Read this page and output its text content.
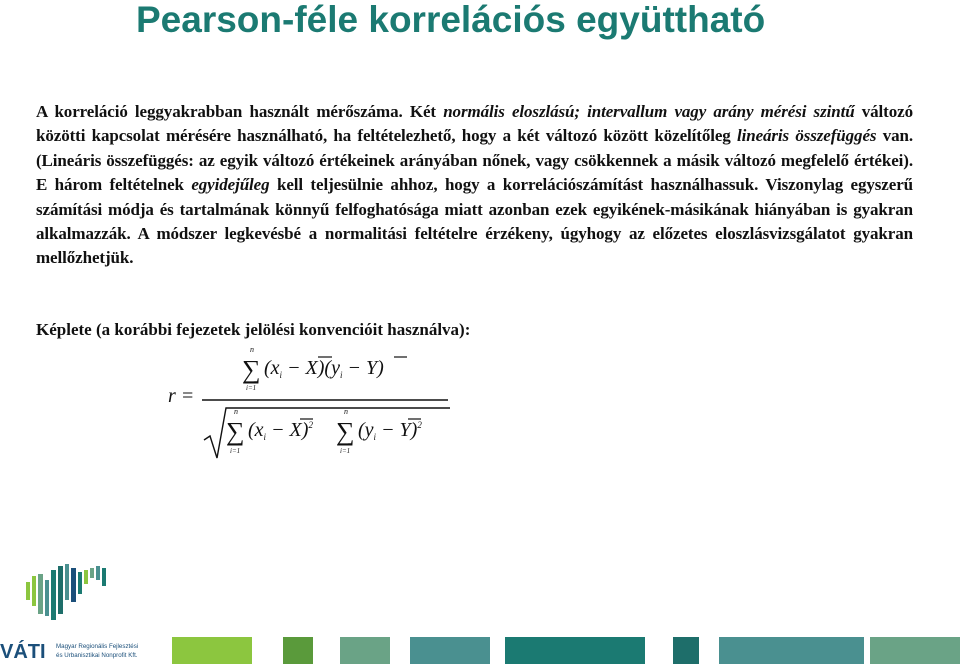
Pearson-féle korrelációs együttható
A korreláció leggyakrabban használt mérőszáma. Két normális eloszlású; intervallum vagy arány mérési szintű változó közötti kapcsolat mérésére használható, ha feltételezhető, hogy a két változó között közelítőleg lineáris összefüggés van. (Lineáris összefüggés: az egyik változó értékeinek arányában nőnek, vagy csökkennek a másik változó megfelelő értékei). E három feltételnek egyidejűleg kell teljesülnie ahhoz, hogy a korrelációszámítást használhassuk. Viszonylag egyszerű számítási módja és tartalmának könnyű felfoghatósága miatt azonban ezek egyikének-másikának hiányában is gyakran alkalmazzák. A módszer legkevésbé a normalitási feltételre érzékeny, úgyhogy az előzetes eloszlásvizsgálatot gyakran mellőzhetjük.
Képlete (a korábbi fejezetek jelölési konvencióit használva):
r =
n
∑
i=1
$(x_i - X)(y_i - Y)$
n
∑
i=1
$(x_i - X)^2$
n
∑
i=1
$(y_i - Y)^2$
VÁTI Magyar Regionális Fejlesztési
és Urbanisztikai Nonprofit Kft.
